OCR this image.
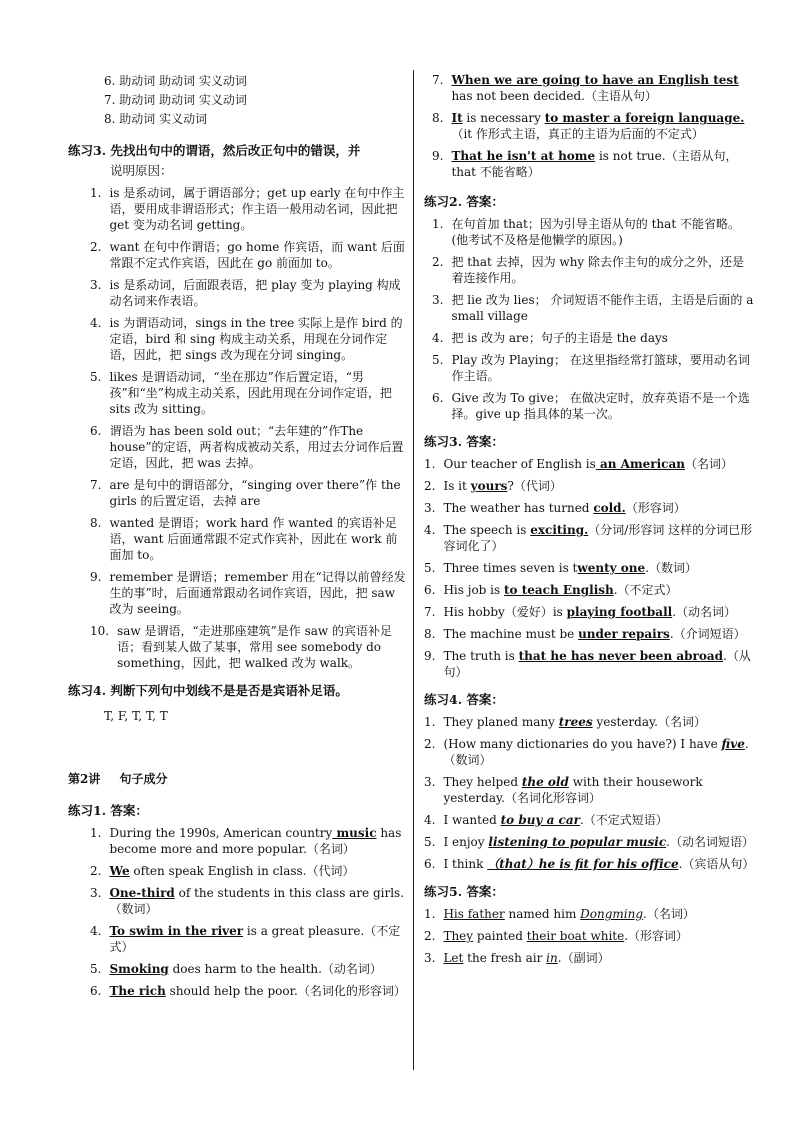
6. 助动词 助动词 实义动词
7. 助动词 助动词 实义动词
8. 助动词 实义动词
练习3. 先找出句中的谓语，然后改正句中的错误，并
说明原因：
1. is 是系动词，属于谓语部分；get up early 在句中作主语，要用成非谓语形式；作主语一般用动名词，因此把 get 变为动名词 getting。
2. want 在句中作谓语；go home 作宾语，而 want 后面常跟不定式作宾语，因此在 go 前面加 to。
3. is 是系动词，后面跟表语，把 play 变为 playing 构成动名词来作表语。
4. is 为谓语动词，sings in the tree 实际上是作 bird 的定语，bird 和 sing 构成主动关系，用现在分词作定语，因此，把 sings 改为现在分词 singing。
5. likes 是谓语动词，“坐在那边”作后置定语，“男孩”和“坐”构成主动关系，因此用现在分词作定语，把 sits 改为 sitting。
6. 谓语为 has been sold out；“去年建的”作The house”的定语，两者构成被动关系，用过去分词作后置定语，因此，把 was 去掉。
7. are 是句中的谓语部分，“singing over there”作 the girls 的后置定语，去掉 are
8. wanted 是谓语；work hard 作 wanted 的宾语补足语，want 后面通常跟不定式作宾补，因此在 work 前面加 to。
9. remember 是谓语；remember 用在“记得以前曾经发生的事”时，后面通常跟动名词作宾语，因此，把 saw 改为 seeing。
10. saw 是谓语，“走进那座建筑”是作 saw 的宾语补足语；看到某人做了某事，常用 see somebody do something，因此，把 walked 改为 walk。
练习4. 判断下列句中划线不是是否是宾语补足语。
T, F, T, T, T
第2讲 句子成分
练习1. 答案：
1. During the 1990s, American country music has become more and more popular.（名词）
2. We often speak English in class.（代词）
3. One-third of the students in this class are girls.（数词）
4. To swim in the river is a great pleasure.（不定式）
5. Smoking does harm to the health.（动名词）
6. The rich should help the poor.（名词化的形容词）
7. When we are going to have an English test has not been decided.（主语从句）
8. It is necessary to master a foreign language.（it 作形式主语，真正的主语为后面的不定式）
9. That he isn't at home is not true.（主语从句，that 不能省略）
练习2. 答案：
1. 在句首加 that；因为引导主语从句的 that 不能省略。(他考试不及格是他懒学的原因。)
2. 把 that 去掉，因为 why 除去作主句的成分之外，还是着连接作用。
3. 把 lie 改为 lies； 介词短语不能作主语，主语是后面的 a small village
4. 把 is 改为 are；句子的主语是 the days
5. Play 改为 Playing； 在这里指经常打篮球，要用动名词作主语。
6. Give 改为 To give； 在做决定时，放弃英语不是一个选择。give up 指具体的某一次。
练习3. 答案：
1. Our teacher of English is an American（名词）
2. Is it yours?（代词）
3. The weather has turned cold.（形容词）
4. The speech is exciting.（分词/形容词 这样的分词已形容词化了）
5. Three times seven is twenty one.（数词）
6. His job is to teach English.（不定式）
7. His hobby（爱好）is playing football.（动名词）
8. The machine must be under repairs.（介词短语）
9. The truth is that he has never been abroad.（从句）
练习4. 答案：
1. They planed many trees yesterday.（名词）
2. (How many dictionaries do you have?) I have five.（数词）
3. They helped the old with their housework yesterday.（名词化形容词）
4. I wanted to buy a car.（不定式短语）
5. I enjoy listening to popular music.（动名词短语）
6. I think （that）he is fit for his office.（宾语从句）
练习5. 答案：
1. His father named him Dongming.（名词）
2. They painted their boat white.（形容词）
3. Let the fresh air in.（副词）
